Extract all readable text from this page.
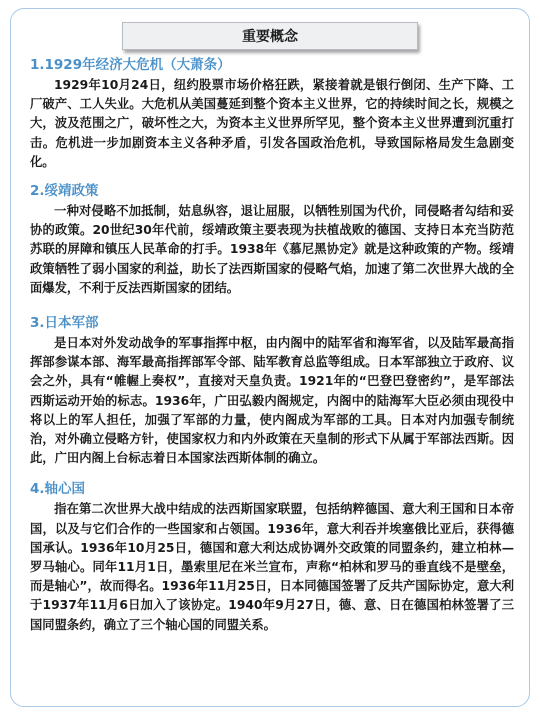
重要概念
1.1929年经济大危机（大萧条）

1929年10月24日，纽约股票市场价格狂跌，紧接着就是银行倒闭、生产下降、工厂破产、工人失业。大危机从美国蔓延到整个资本主义世界，它的持续时间之长，规模之大，波及范围之广，破坏性之大，为资本主义世界所罕见，整个资本主义世界遭到沉重打击。危机进一步加剧资本主义各种矛盾，引发各国政治危机，导致国际格局发生急剧变化。

2.绥靖政策

一种对侵略不加抵制，姑息纵容，退让屈服，以牺牲别国为代价，同侵略者勾结和妥协的政策。20世纪30年代前，绥靖政策主要表现为扶植战败的德国、支持日本充当防范苏联的屏障和镇压人民革命的打手。1938年《慕尼黑协定》就是这种政策的产物。绥靖政策牺牲了弱小国家的利益，助长了法西斯国家的侵略气焰，加速了第二次世界大战的全面爆发，不利于反法西斯国家的团结。

3.日本军部

是日本对外发动战争的军事指挥中枢，由内阁中的陆军省和海军省，以及陆军最高指挥部参谋本部、海军最高指挥部军令部、陆军教育总监等组成。日本军部独立于政府、议会之外，具有“帷幄上奏权”，直接对天皇负责。1921年的“巴登巴登密约”，是军部法西斯运动开始的标志。1936年，广田弘毅内阁规定，内阁中的陆海军大臣必须由现役中将以上的军人担任，加强了军部的力量，使内阁成为军部的工具。日本对内加强专制统治，对外确立侵略方针，使国家权力和内外政策在天皇制的形式下从属于军部法西斯。因此，广田内阁上台标志着日本国家法西斯体制的确立。

4.轴心国

指在第二次世界大战中结成的法西斯国家联盟，包括纳粹德国、意大利王国和日本帝国，以及与它们合作的一些国家和占领国。1936年，意大利吞并埃塞俄比亚后，获得德国承认。1936年10月25日，德国和意大利达成协调外交政策的同盟条约，建立柏林—罗马轴心。同年11月1日，墨索里尼在米兰宣布，声称“柏林和罗马的垂直线不是壁垒，而是轴心”，故而得名。1936年11月25日，日本同德国签署了反共产国际协定，意大利于1937年11月6日加入了该协定。1940年9月27日，德、意、日在德国柏林签署了三国同盟条约，确立了三个轴心国的同盟关系。
